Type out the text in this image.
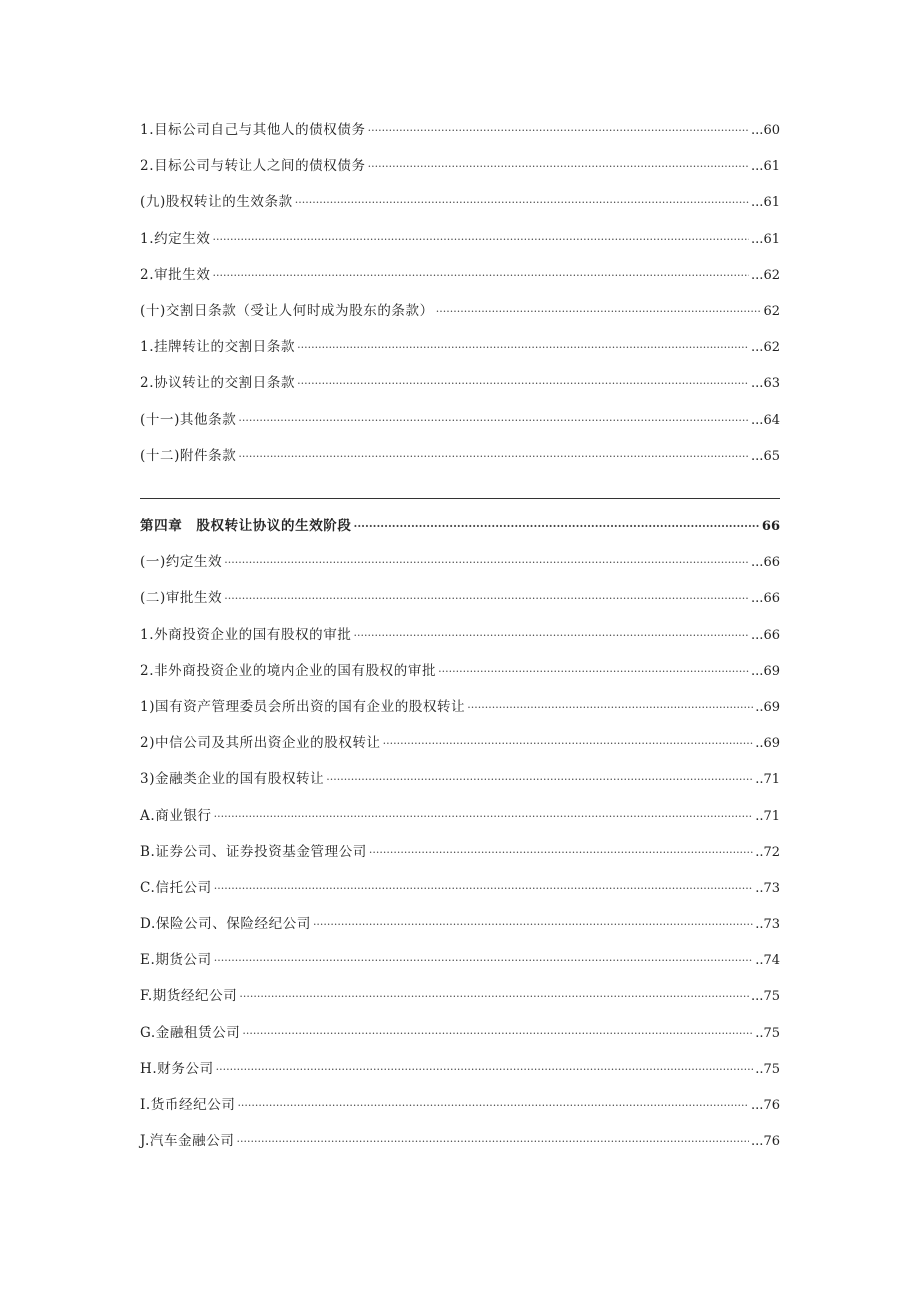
1.目标公司自己与其他人的债权债务 ·····	...60
2.目标公司与转让人之间的债权债务 ·····	...61
(九)股权转让的生效条款 ·····	...61
1.约定生效 ·····	...61
2.审批生效 ·····	...62
(十)交割日条款（受让人何时成为股东的条款） ·····	62
1.挂牌转让的交割日条款 ·····	...62
2.协议转让的交割日条款 ·····	...63
(十一)其他条款 ·····	...64
(十二)附件条款 ·····	...65
第四章　股权转让协议的生效阶段 ·····	66
(一)约定生效 ·····	...66
(二)审批生效 ·····	...66
1.外商投资企业的国有股权的审批 ·····	...66
2.非外商投资企业的境内企业的国有股权的审批 ·····	...69
1)国有资产管理委员会所出资的国有企业的股权转让 ·····	..69
2)中信公司及其所出资企业的股权转让 ·····	..69
3)金融类企业的国有股权转让 ·····	..71
A.商业银行 ·····	..71
B.证券公司、证券投资基金管理公司 ·····	..72
C.信托公司 ·····	..73
D.保险公司、保险经纪公司 ·····	..73
E.期货公司 ·····	..74
F.期货经纪公司 ·····	...75
G.金融租赁公司 ·····	..75
H.财务公司 ·····	..75
I.货币经纪公司 ·····	...76
J.汽车金融公司 ·····	...76
